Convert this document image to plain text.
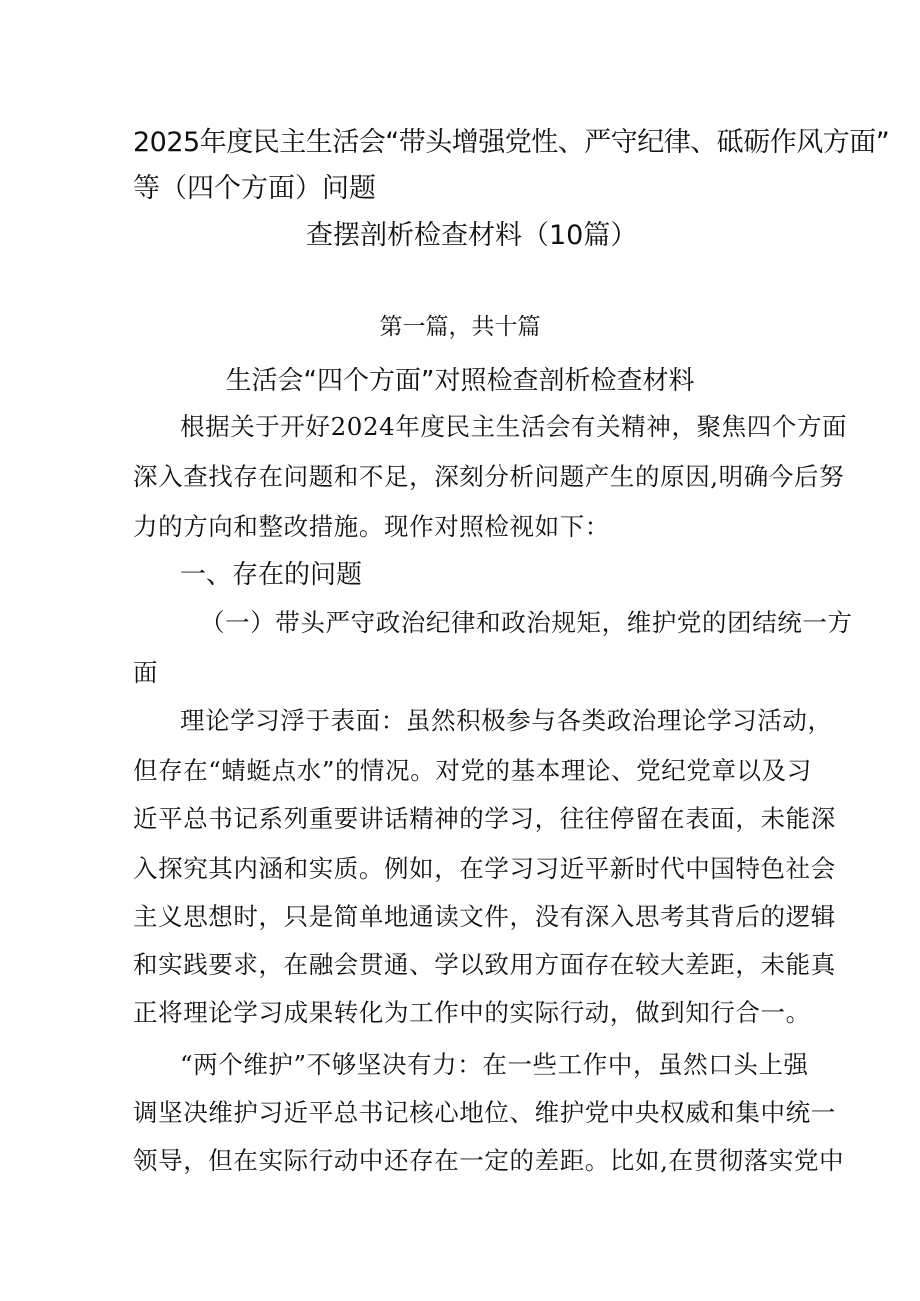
2025年度民主生活会“带头增强党性、严守纪律、砥砺作风方面”

等（四个方面）问题

查摆剖析检查材料（10篇）

第一篇，共十篇

生活会“四个方面”对照检查剖析检查材料

根据关于开好2024年度民主生活会有关精神，聚焦四个方面

深入查找存在问题和不足，深刻分析问题产生的原因,明确今后努

力的方向和整改措施。现作对照检视如下：

一、存在的问题

（一）带头严守政治纪律和政治规矩，维护党的团结统一方

面

理论学习浮于表面：虽然积极参与各类政治理论学习活动，

但存在“蜻蜓点水”的情况。对党的基本理论、党纪党章以及习

近平总书记系列重要讲话精神的学习，往往停留在表面，未能深

入探究其内涵和实质。例如，在学习习近平新时代中国特色社会

主义思想时，只是简单地通读文件，没有深入思考其背后的逻辑

和实践要求，在融会贯通、学以致用方面存在较大差距，未能真

正将理论学习成果转化为工作中的实际行动，做到知行合一。

“两个维护”不够坚决有力：在一些工作中，虽然口头上强

调坚决维护习近平总书记核心地位、维护党中央权威和集中统一

领导，但在实际行动中还存在一定的差距。比如,在贯彻落实党中
